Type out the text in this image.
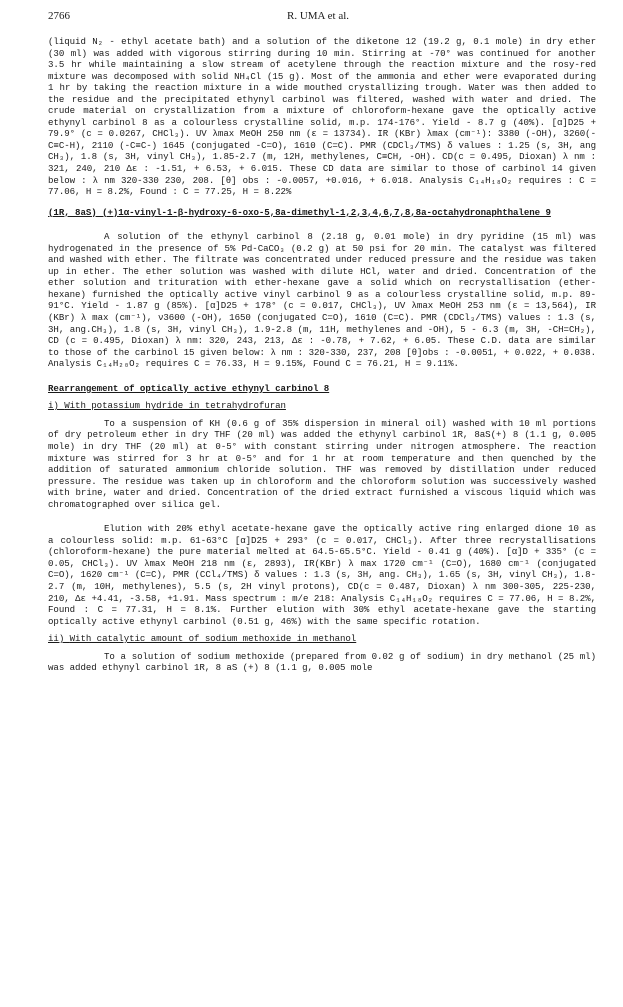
2766	R. UMA et al.

(liquid N₂ - ethyl acetate bath) and a solution of the diketone 12 (19.2 g, 0.1 mole) in dry ether (30 ml) was added with vigorous stirring during 10 min. Stirring at -70° was continued for another 3.5 hr while maintaining a slow stream of acetylene through the reaction mixture and the rosy-red mixture was decomposed with solid NH₄Cl (15 g). Most of the ammonia and ether were evaporated during 1 hr by taking the reaction mixture in a wide mouthed crystallizing trough. Water was then added to the residue and the precipitated ethynyl carbinol was filtered, washed with water and dried. The crude material on crystallization from a mixture of chloroform-hexane gave the optically active ethynyl carbinol 8 as a colourless crystalline solid, m.p. 174-176°. Yield - 8.7 g (40%). [α]D25 + 79.9° (c = 0.0267, CHCl₃). UV λmax MeOH 250 nm (ε = 13734). IR (KBr) λmax (cm⁻¹): 3380 (-OH), 3260(-C≡C-H), 2110 (-C≡C-) 1645 (conjugated -C=O), 1610 (C=C). PMR (CDCl₃/TMS) δ values : 1.25 (s, 3H, ang CH₃), 1.8 (s, 3H, vinyl CH₃), 1.85-2.7 (m, 12H, methylenes, C≡CH, -OH). CD(c = 0.495, Dioxan) λ nm : 321, 240, 210 Δε : -1.51, + 6.53, + 6.015. These CD data are similar to those of carbinol 14 given below : λ nm 320-330 230, 208. [θ] obs : -0.0057, +0.016, + 6.018. Analysis C₁₄H₁₈O₂ requires : C = 77.06, H = 8.2%, Found : C = 77.25, H = 8.22%

(1R, 8aS) (+)1α-vinyl-1-β-hydroxy-6-oxo-5,8a-dimethyl-1,2,3,4,6,7,8,8a-octahydronaphthalene 9

A solution of the ethynyl carbinol 8 (2.18 g, 0.01 mole) in dry pyridine (15 ml) was hydrogenated in the presence of 5% Pd-CaCO₃ (0.2 g) at 50 psi for 20 min. The catalyst was filtered and washed with ether. The filtrate was concentrated under reduced pressure and the residue was taken up in ether. The ether solution was washed with dilute HCl, water and dried. Concentration of the ether solution and trituration with ether-hexane gave a solid which on recrystallisation (ether-hexane) furnished the optically active vinyl carbinol 9 as a colourless crystalline solid, m.p. 89-91°C. Yield - 1.87 g (85%). [α]D25 + 178° (c = 0.017, CHCl₃), UV λmax MeOH 253 nm (ε = 13,564), IR (KBr) λ max (cm⁻¹), ν3600 (-OH), 1650 (conjugated C=O), 1610 (C=C). PMR (CDCl₃/TMS) values : 1.3 (s, 3H, ang.CH₃), 1.8 (s, 3H, vinyl CH₃), 1.9-2.8 (m, 11H, methylenes and -OH), 5 - 6.3 (m, 3H, -CH=CH₂), CD (c = 0.495, Dioxan) λ nm: 320, 243, 213, Δε : -0.78, + 7.62, + 6.05. These C.D. data are similar to those of the carbinol 15 given below: λ nm : 320-330, 237, 208 [θ]obs : -0.0051, + 0.022, + 0.038. Analysis C₁₄H₂₀O₂ requires C = 76.33, H = 9.15%, Found C = 76.21, H = 9.11%.

Rearrangement of optically active ethynyl carbinol 8

i) With potassium hydride in tetrahydrofuran

To a suspension of KH (0.6 g of 35% dispersion in mineral oil) washed with 10 ml portions of dry petroleum ether in dry THF (20 ml) was added the ethynyl carbinol 1R, 8aS(+) 8 (1.1 g, 0.005 mole) in dry THF (20 ml) at 0-5° with constant stirring under nitrogen atmosphere. The reaction mixture was stirred for 3 hr at 0-5° and for 1 hr at room temperature and then quenched by the addition of saturated ammonium chloride solution. THF was removed by distillation under reduced pressure. The residue was taken up in chloroform and the chloroform solution was successively washed with brine, water and dried. Concentration of the dried extract furnished a viscous liquid which was chromatographed over silica gel.

Elution with 20% ethyl acetate-hexane gave the optically active ring enlarged dione 10 as a colourless solid: m.p. 61-63°C [α]D25 + 293° (c = 0.017, CHCl₃). After three recrystallisations (chloroform-hexane) the pure material melted at 64.5-65.5°C. Yield - 0.41 g (40%). [α]D + 335° (c = 0.05, CHCl₃). UV λmax MeOH 218 nm (ε, 2893), IR(KBr) λ max 1720 cm⁻¹ (C=O), 1680 cm⁻¹ (conjugated C=O), 1620 cm⁻¹ (C=C), PMR (CCl₄/TMS) δ values : 1.3 (s, 3H, ang. CH₃), 1.65 (s, 3H, vinyl CH₃), 1.8-2.7 (m, 10H, methylenes), 5.5 (s, 2H vinyl protons), CD(c = 0.487, Dioxan) λ nm 300-305, 225-230, 210, Δε +4.41, -3.58, +1.91. Mass spectrum : m/e 218: Analysis C₁₄H₁₈O₂ requires C = 77.06, H = 8.2%, Found : C = 77.31, H = 8.1%. Further elution with 30% ethyl acetate-hexane gave the starting optically active ethynyl carbinol (0.51 g, 46%) with the same specific rotation.

ii) With catalytic amount of sodium methoxide in methanol

To a solution of sodium methoxide (prepared from 0.02 g of sodium) in dry methanol (25 ml) was added ethynyl carbinol 1R, 8 aS (+) 8 (1.1 g, 0.005 mole
